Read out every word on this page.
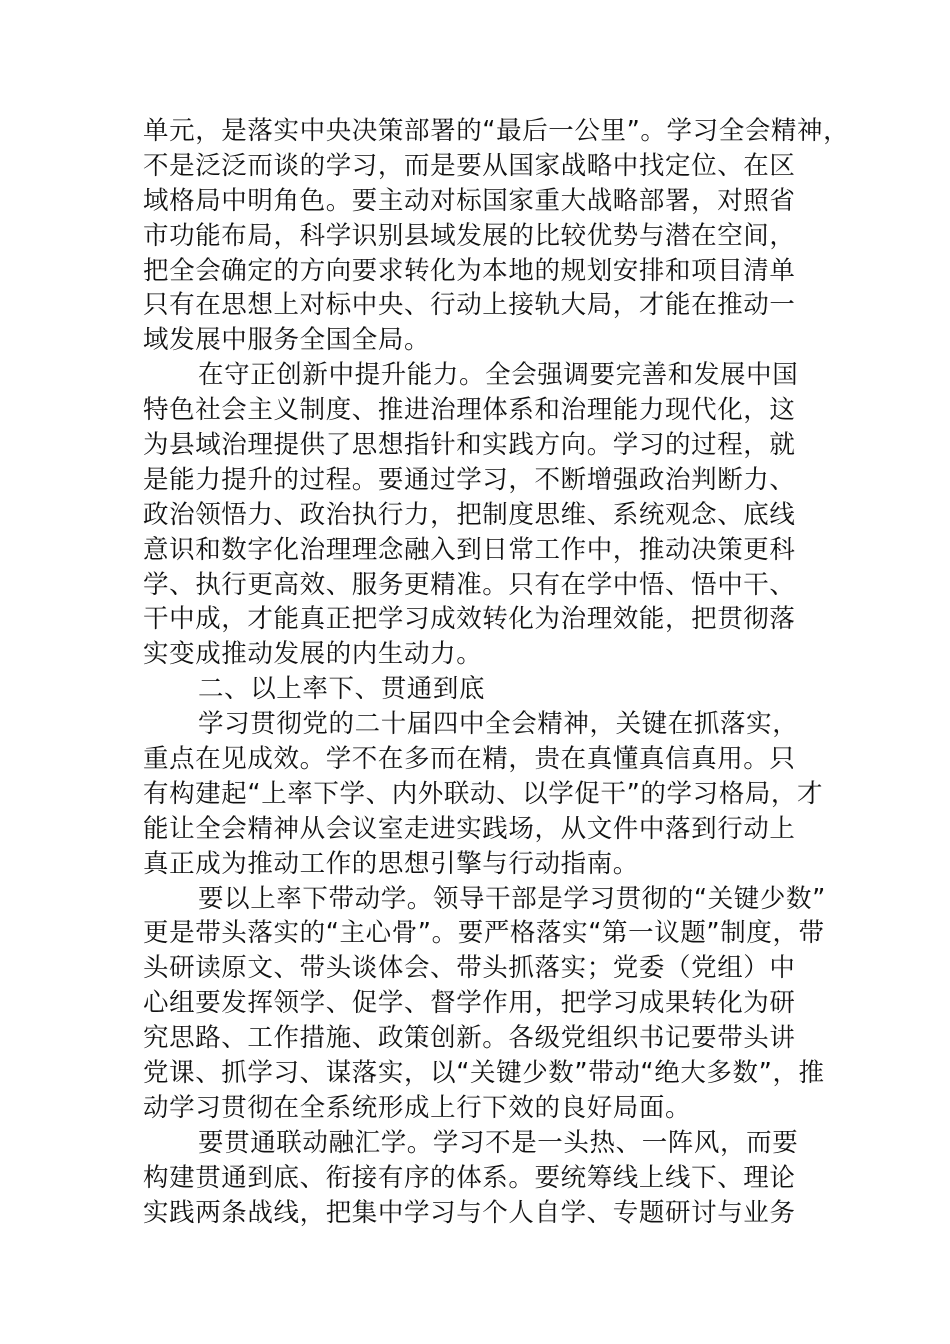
单元，是落实中央决策部署的“最后一公里”。学习全会精神，
不是泛泛而谈的学习，而是要从国家战略中找定位、在区
域格局中明角色。要主动对标国家重大战略部署，对照省
市功能布局，科学识别县域发展的比较优势与潜在空间，
把全会确定的方向要求转化为本地的规划安排和项目清单
只有在思想上对标中央、行动上接轨大局，才能在推动一
域发展中服务全国全局。
在守正创新中提升能力。全会强调要完善和发展中国
特色社会主义制度、推进治理体系和治理能力现代化，这
为县域治理提供了思想指针和实践方向。学习的过程，就
是能力提升的过程。要通过学习，不断增强政治判断力、
政治领悟力、政治执行力，把制度思维、系统观念、底线
意识和数字化治理理念融入到日常工作中，推动决策更科
学、执行更高效、服务更精准。只有在学中悟、悟中干、
干中成，才能真正把学习成效转化为治理效能，把贯彻落
实变成推动发展的内生动力。
二、以上率下、贯通到底
学习贯彻党的二十届四中全会精神，关键在抓落实，
重点在见成效。学不在多而在精，贵在真懂真信真用。只
有构建起“上率下学、内外联动、以学促干”的学习格局，才
能让全会精神从会议室走进实践场，从文件中落到行动上
真正成为推动工作的思想引擎与行动指南。
要以上率下带动学。领导干部是学习贯彻的“关键少数”
更是带头落实的“主心骨”。要严格落实“第一议题”制度，带
头研读原文、带头谈体会、带头抓落实；党委（党组）中
心组要发挥领学、促学、督学作用，把学习成果转化为研
究思路、工作措施、政策创新。各级党组织书记要带头讲
党课、抓学习、谋落实，以“关键少数”带动“绝大多数”，推
动学习贯彻在全系统形成上行下效的良好局面。
要贯通联动融汇学。学习不是一头热、一阵风，而要
构建贯通到底、衔接有序的体系。要统筹线上线下、理论
实践两条战线，把集中学习与个人自学、专题研讨与业务
